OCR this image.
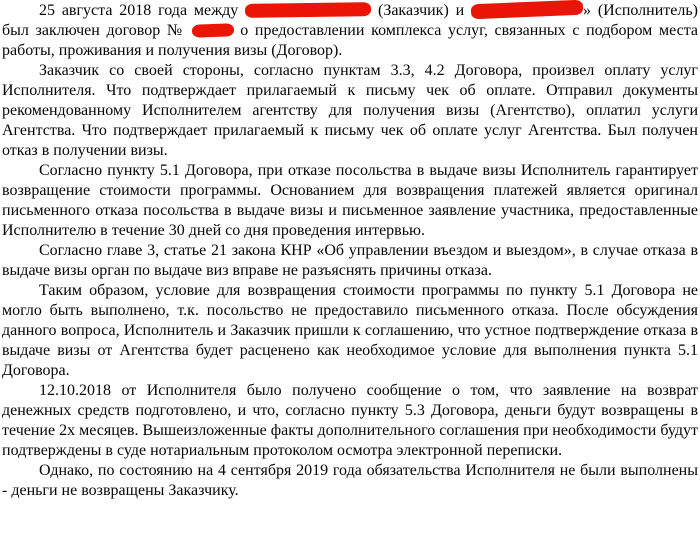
25 августа 2018 года между	(Заказчик) и	» (Исполнитель) был заключен договор №	о предоставлении комплекса услуг, связанных с подбором места работы, проживания и получения визы (Договор).

Заказчик со своей стороны, согласно пунктам 3.3, 4.2 Договора, произвел оплату услуг Исполнителя. Что подтверждает прилагаемый к письму чек об оплате. Отправил документы рекомендованному Исполнителем агентству для получения визы (Агентство), оплатил услуги Агентства. Что подтверждает прилагаемый к письму чек об оплате услуг Агентства. Был получен отказ в получении визы.

Согласно пункту 5.1 Договора, при отказе посольства в выдаче визы Исполнитель гарантирует возвращение стоимости программы. Основанием для возвращения платежей является оригинал письменного отказа посольства в выдаче визы и письменное заявление участника, предоставленные Исполнителю в течение 30 дней со дня проведения интервью.

Согласно главе 3, статье 21 закона КНР «Об управлении въездом и выездом», в случае отказа в выдаче визы орган по выдаче виз вправе не разъяснять причины отказа.

Таким образом, условие для возвращения стоимости программы по пункту 5.1 Договора не могло быть выполнено, т.к. посольство не предоставило письменного отказа. После обсуждения данного вопроса, Исполнитель и Заказчик пришли к соглашению, что устное подтверждение отказа в выдаче визы от Агентства будет расценено как необходимое условие для выполнения пункта 5.1 Договора.

12.10.2018 от Исполнителя было получено сообщение о том, что заявление на возврат денежных средств подготовлено, и что, согласно пункту 5.3 Договора, деньги будут возвращены в течение 2х месяцев. Вышеизложенные факты дополнительного соглашения при необходимости будут подтверждены в суде нотариальным протоколом осмотра электронной переписки.

Однако, по состоянию на 4 сентября 2019 года обязательства Исполнителя не были выполнены - деньги не возвращены Заказчику.
